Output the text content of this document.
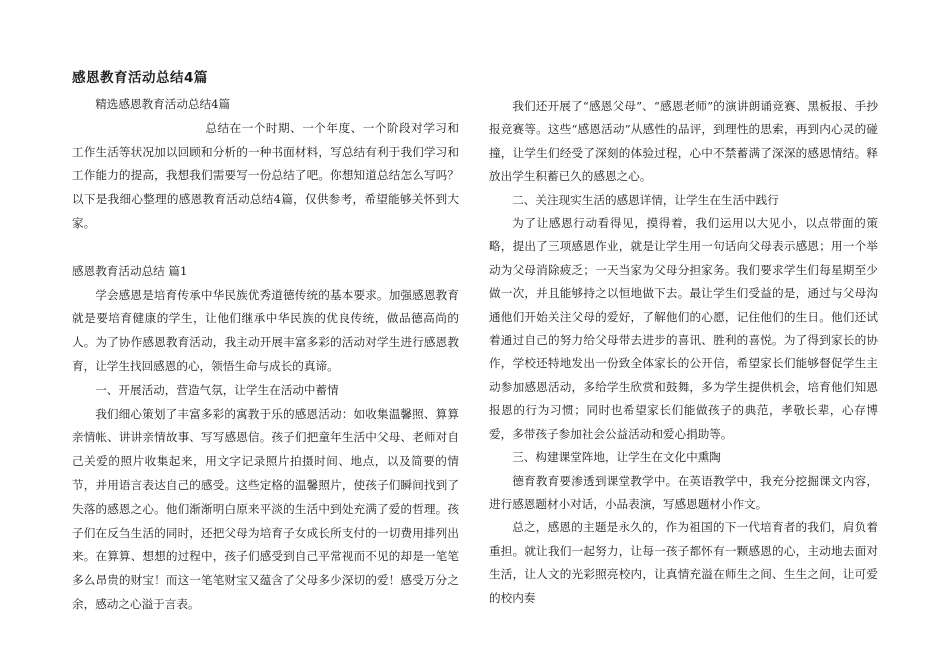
感恩教育活动总结4篇

精选感恩教育活动总结4篇

总结在一个时期、一个年度、一个阶段对学习和工作生活等状况加以回顾和分析的一种书面材料，写总结有利于我们学习和工作能力的提高，我想我们需要写一份总结了吧。你想知道总结怎么写吗？以下是我细心整理的感恩教育活动总结4篇，仅供参考，希望能够关怀到大家。

感恩教育活动总结 篇1

学会感恩是培育传承中华民族优秀道德传统的基本要求。加强感恩教育就是要培育健康的学生，让他们继承中华民族的优良传统，做品德高尚的人。为了协作感恩教育活动，我主动开展丰富多彩的活动对学生进行感恩教育，让学生找回感恩的心，领悟生命与成长的真谛。

一、开展活动，营造气氛，让学生在活动中蓄情

我们细心策划了丰富多彩的寓教于乐的感恩活动：如收集温馨照、算算亲情帐、讲讲亲情故事、写写感恩信。孩子们把童年生活中父母、老师对自己关爱的照片收集起来，用文字记录照片拍摄时间、地点，以及简要的情节，并用语言表达自己的感受。这些定格的温馨照片，使孩子们瞬间找到了失落的感恩之心。他们渐渐明白原来平淡的生活中到处充满了爱的哲理。孩子们在反刍生活的同时，还把父母为培育子女成长所支付的一切费用排列出来。在算算、想想的过程中，孩子们感受到自己平常视而不见的却是一笔笔多么昂贵的财宝！而这一笔笔财宝又蕴含了父母多少深切的爱！感受万分之余，感动之心溢于言表。

我们还开展了“感恩父母”、“感恩老师”的演讲朗诵竞赛、黑板报、手抄报竞赛等。这些“感恩活动”从感性的品评，到理性的思索，再到内心灵的碰撞，让学生们经受了深刻的体验过程，心中不禁蓄满了深深的感恩情结。释放出学生积蓄已久的感恩之心。

二、关注现实生活的感恩详情，让学生在生活中践行

为了让感恩行动看得见，摸得着，我们运用以大见小，以点带面的策略，提出了三项感恩作业，就是让学生用一句话向父母表示感恩；用一个举动为父母消除疲乏；一天当家为父母分担家务。我们要求学生们每星期至少做一次，并且能够持之以恒地做下去。最让学生们受益的是，通过与父母沟通他们开始关注父母的爱好，了解他们的心愿，记住他们的生日。他们还试着通过自己的努力给父母带去进步的喜讯、胜利的喜悦。为了得到家长的协作，学校还特地发出一份致全体家长的公开信，希望家长们能够督促学生主动参加感恩活动，多给学生欣赏和鼓舞，多为学生提供机会，培育他们知恩报恩的行为习惯；同时也希望家长们能做孩子的典范，孝敬长辈，心存博爱，多带孩子参加社会公益活动和爱心捐助等。

三、构建课堂阵地，让学生在文化中熏陶

德育教育要渗透到课堂教学中。在英语教学中，我充分挖掘课文内容，进行感恩题材小对话，小品表演，写感恩题材小作文。

总之，感恩的主题是永久的，作为祖国的下一代培育者的我们，肩负着重担。就让我们一起努力，让每一孩子都怀有一颗感恩的心，主动地去面对生活，让人文的光彩照亮校内，让真情充溢在师生之间、生生之间，让可爱的校内奏
